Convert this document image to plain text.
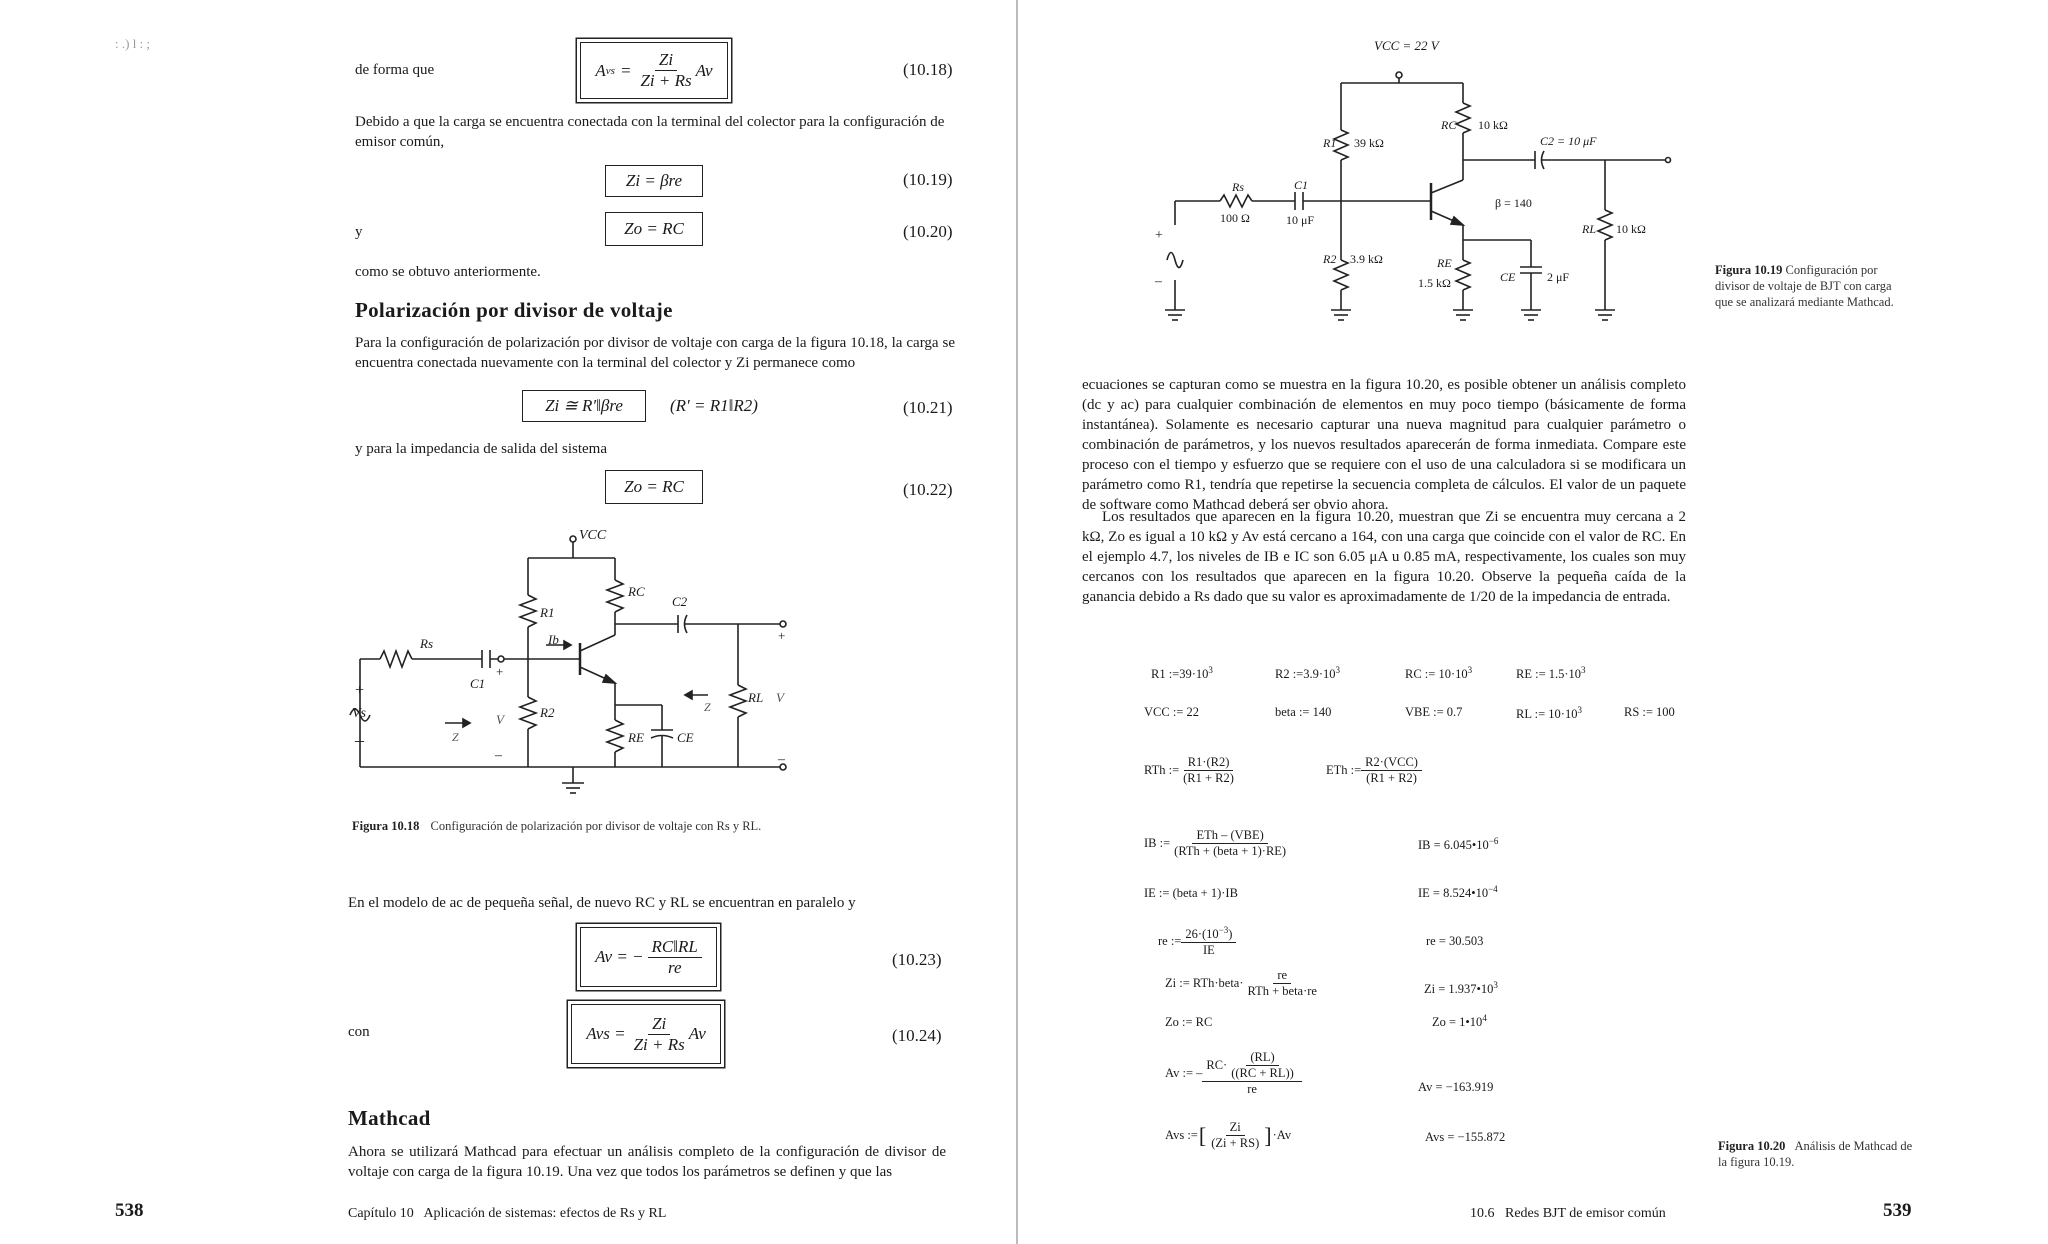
: .) l : ;
de forma que	A vs = $\frac{Zi}{Zi + Rs}$ Av	(10.18)
Debido a que la carga se encuentra conectada con la terminal del colector para la configuración de emisor común,
Zi = βre	(10.19)
y	Zo = RC	(10.20)
como se obtuvo anteriormente.
Polarización por divisor de voltaje
Para la configuración de polarización por divisor de voltaje con carga de la figura 10.18, la carga se encuentra conectada nuevamente con la terminal del colector y Zi permanece como
Zi ≅ R′‖βre	(R′ = R1‖R2)	(10.21)
y para la impedancia de salida del sistema
Zo = RC	(10.22)
VCC
R1
RC
C2
Rs
C1
Ib
+
R2
RE	CE
RL V
Z
V
Z
+
Vs
–
–
+
–
Figura 10.18 Configuración de polarización por divisor de voltaje con Rs y RL.
En el modelo de ac de pequeña señal, de nuevo RC y RL se encuentran en paralelo y
Av = − $\frac{RC‖RL}{re}$	(10.23)
con	Avs = $\frac{Zi}{Zi + Rs}$ Av	(10.24)
Mathcad
Ahora se utilizará Mathcad para efectuar un análisis completo de la configuración de divisor de voltaje con carga de la figura 10.19. Una vez que todos los parámetros se definen y que las
538	Capítulo 10   Aplicación de sistemas: efectos de Rs y RL
VCC = 22 V
RC 10 kΩ
R1 39 kΩ	C2 = 10 μF
Rs
100 Ω
C1
10 μF
β = 140
RL 10 kΩ
+
–
R2 3.9 kΩ	RE
1.5 kΩ	CE	2 μF	Figura 10.19 Configuración por divisor de voltaje de BJT con carga que se analizará mediante Mathcad.
ecuaciones se capturan como se muestra en la figura 10.20, es posible obtener un análisis completo (dc y ac) para cualquier combinación de elementos en muy poco tiempo (básicamente de forma instantánea). Solamente es necesario capturar una nueva magnitud para cualquier parámetro o combinación de parámetros, y los nuevos resultados aparecerán de forma inmediata. Compare este proceso con el tiempo y esfuerzo que se requiere con el uso de una calculadora si se modificara un parámetro como R1, tendría que repetirse la secuencia completa de cálculos. El valor de un paquete de software como Mathcad deberá ser obvio ahora.
Los resultados que aparecen en la figura 10.20, muestran que Zi se encuentra muy cercana a 2 kΩ, Zo es igual a 10 kΩ y Av está cercano a 164, con una carga que coincide con el valor de RC. En el ejemplo 4.7, los niveles de IB e IC son 6.05 μA u 0.85 mA, respectivamente, los cuales son muy cercanos con los resultados que aparecen en la figura 10.20. Observe la pequeña caída de la ganancia debido a Rs dado que su valor es aproximadamente de 1/20 de la impedancia de entrada.
R1 $:=39\cdot 10^3$	R2 $:=3.9\cdot 10^3$	RC := $10\cdot 10^3$	RE := $1.5\cdot 10^3$
VCC := 22	beta := 140	VBE := 0.7	RL := $10\cdot 10^3$	RS := 100
RTh := $\frac{R1\cdot(R2)}{(R1 + R2)}$	ETh := $\frac{\text{R2·(VCC)}}{(R1 + R2)}$
IB := $\frac{\text{ETh – (VBE)}}{\text{(RTh + (beta + 1)·RE)}}$	IB = $6.045•10^{-6}$
IE := (beta + 1)·IB	IE = $8.524•10^{-4}$
re := $\frac{26\cdot(10^{-3})}{IE}$	re = 30.503
Zi := RTh·beta· $\frac{re}{\text{RTh + beta·re}}$	$Zi = 1.937•10^3$
Zo := RC	$Zo = 1•10^4$
Av := – $\frac{RC\cdot \frac{(RL)}{((RC + RL))}}{re}$	Av = −163.919
Avs := [ $\frac{Zi}{(Zi + RS)}$ ] ·Av	Avs = −155.872
Figura 10.20 Análisis de Mathcad de la figura 10.19.
10.6   Redes BJT de emisor común	539
